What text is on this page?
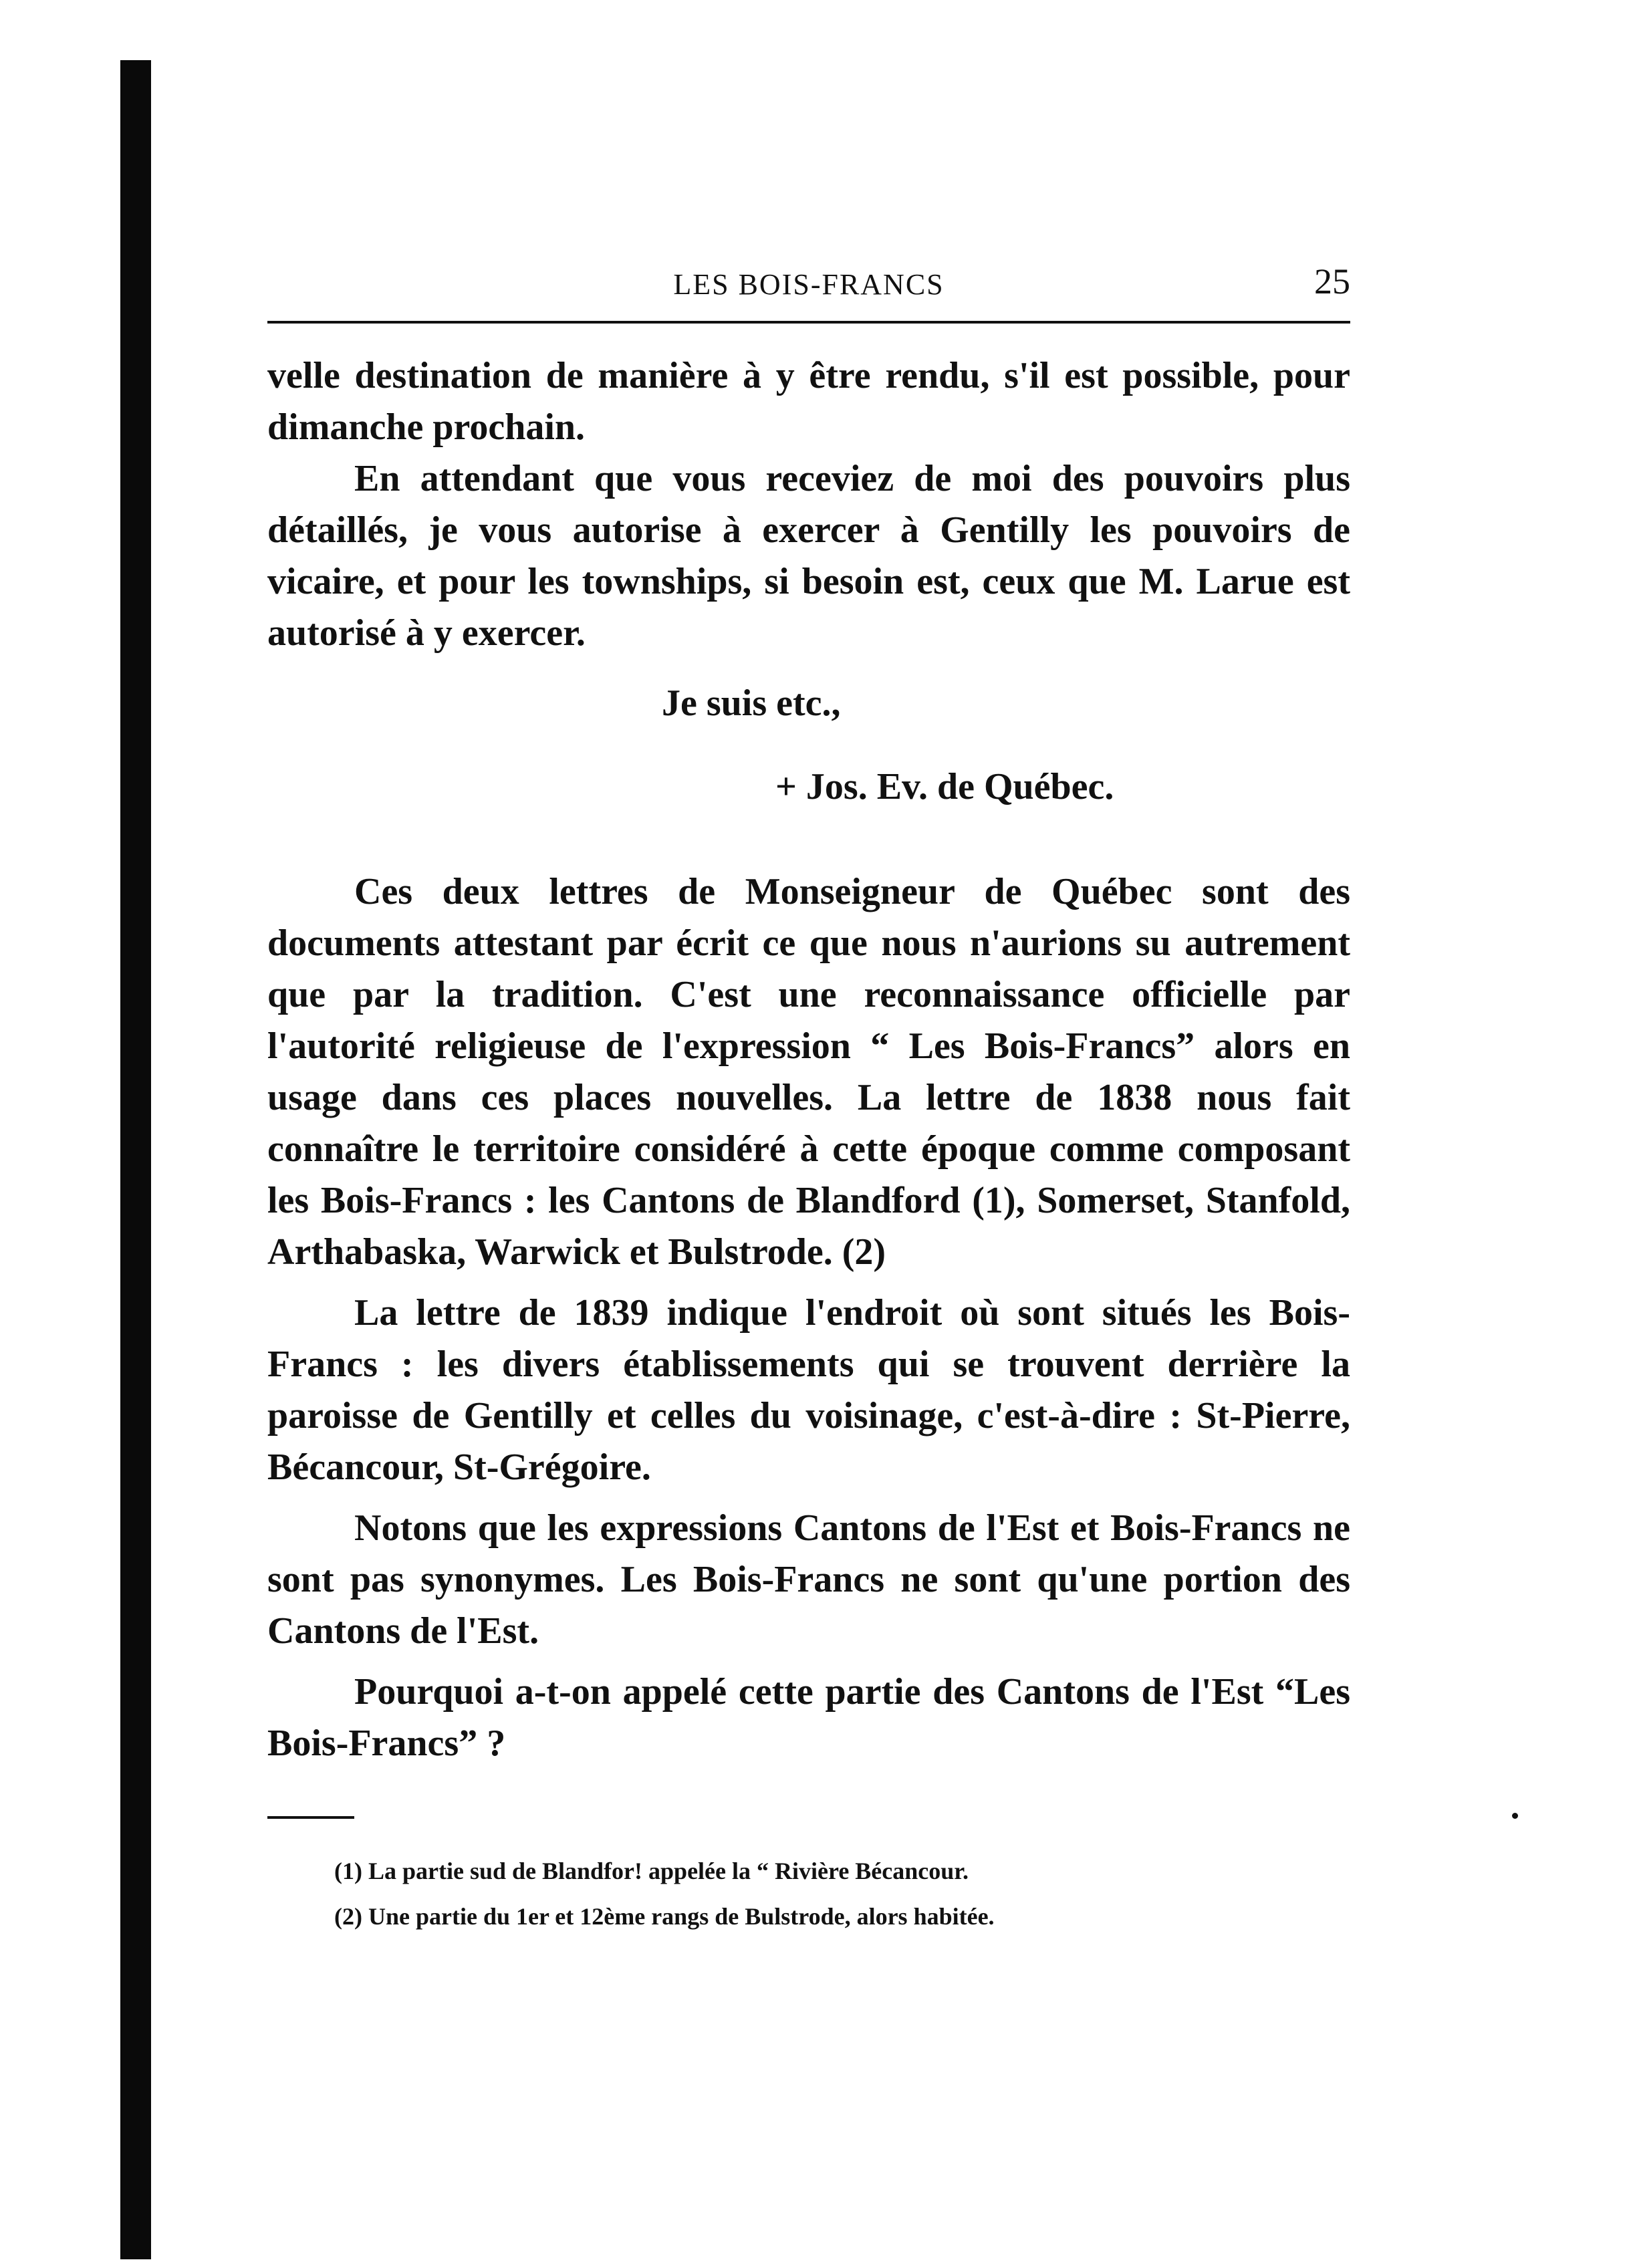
LES BOIS-FRANCS	25

velle destination de manière à y être rendu, s'il est possible, pour dimanche prochain.

En attendant que vous receviez de moi des pouvoirs plus détaillés, je vous autorise à exercer à Gentilly les pouvoirs de vicaire, et pour les townships, si besoin est, ceux que M. Larue est autorisé à y exercer.

Je suis etc.,
+ Jos. Ev. de Québec.

Ces deux lettres de Monseigneur de Québec sont des documents attestant par écrit ce que nous n'aurions su autrement que par la tradition. C'est une reconnaissance officielle par l'autorité religieuse de l'expression “ Les Bois-Francs” alors en usage dans ces places nouvelles. La lettre de 1838 nous fait connaître le territoire considéré à cette époque comme composant les Bois-Francs : les Cantons de Blandford (1), Somerset, Stanfold, Arthabaska, Warwick et Bulstrode. (2)

La lettre de 1839 indique l'endroit où sont situés les Bois-Francs : les divers établissements qui se trouvent derrière la paroisse de Gentilly et celles du voisinage, c'est-à-dire : St-Pierre, Bécancour, St-Grégoire.

Notons que les expressions Cantons de l'Est et Bois-Francs ne sont pas synonymes. Les Bois-Francs ne sont qu'une portion des Cantons de l'Est.

Pourquoi a-t-on appelé cette partie des Cantons de l'Est “Les Bois-Francs” ?

(1) La partie sud de Blandfor! appelée la “ Rivière Bécancour.
(2) Une partie du 1er et 12ème rangs de Bulstrode, alors habitée.
